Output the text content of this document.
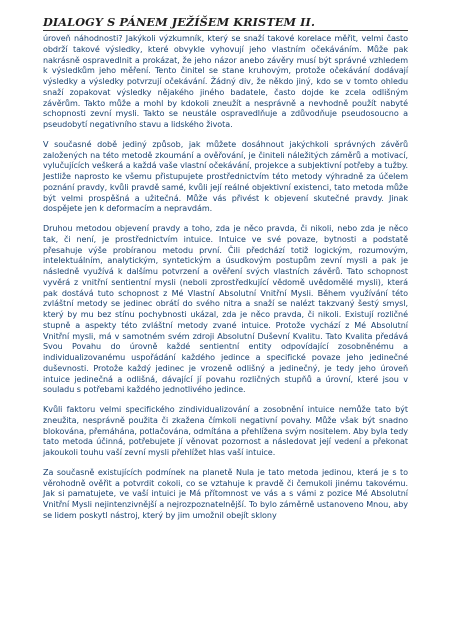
DIALOGY S PÁNEM JEŽÍŠEM KRISTEM II.

úroveň náhodnosti? Jakýkoli výzkumník, který se snaží takové korelace měřit, velmi často obdrží takové výsledky, které obvykle vyhovují jeho vlastním očekáváním. Může pak nakrásně ospravedlnit a prokázat, že jeho názor anebo závěry musí být správné vzhledem k výsledkům jeho měření. Tento činitel se stane kruhovým, protože očekávání dodávají výsledky a výsledky potvrzují očekávání. Žádný div, že někdo jiný, kdo se v tomto ohledu snaží zopakovat výsledky nějakého jiného badatele, často dojde ke zcela odlišným závěrům. Takto může a mohl by kdokoli zneužít a nesprávně a nevhodně použít nabyté schopnosti zevní mysli. Takto se neustále ospravedlňuje a zdůvodňuje pseudosoucno a pseudobytí negativního stavu a lidského života.

V současné době jediný způsob, jak můžete dosáhnout jakýchkoli správných závěrů založených na této metodě zkoumání a ověřování, je činiteli náležitých záměrů a motivací, vylučujících veškerá a každá vaše vlastní očekávání, projekce a subjektivní potřeby a tužby. Jestliže naprosto ke všemu přistupujete prostřednictvím této metody výhradně za účelem poznání pravdy, kvůli pravdě samé, kvůli její reálné objektivní existenci, tato metoda může být velmi prospěšná a užitečná. Může vás přivést k objevení skutečné pravdy. Jinak dospějete jen k deformacím a nepravdám.

Druhou metodou objevení pravdy a toho, zda je něco pravda, či nikoli, nebo zda je něco tak, či není, je prostřednictvím intuice. Intuice ve své povaze, bytnosti a podstatě přesahuje výše probíranou metodu první. Čili předchází totiž logickým, rozumovým, intelektuálním, analytickým, syntetickým a úsudkovým postupům zevní mysli a pak je následně využívá k dalšímu potvrzení a ověření svých vlastních závěrů. Tato schopnost vyvěrá z vnitřní sentientní mysli (neboli zprostředkující vědomě uvědomělé mysli), která pak dostává tuto schopnost z Mé Vlastní Absolutní Vnitřní Mysli. Během využívání této zvláštní metody se jedinec obrátí do svého nitra a snaží se nalézt takzvaný šestý smysl, který by mu bez stínu pochybnosti ukázal, zda je něco pravda, či nikoli. Existují rozličné stupně a aspekty této zvláštní metody zvané intuice. Protože vychází z Mé Absolutní Vnitřní mysli, má v samotném svém zdroji Absolutní Duševní Kvalitu. Tato Kvalita předává Svou Povahu do úrovně každé sentientní entity odpovídající zosobněnému a individualizovanému uspořádání každého jedince a specifické povaze jeho jedinečné duševnosti. Protože každý jedinec je vrozeně odlišný a jedinečný, je tedy jeho úroveň intuice jedinečná a odlišná, dávající jí povahu rozličných stupňů a úrovní, které jsou v souladu s potřebami každého jednotlivého jedince.

Kvůli faktoru velmi specifického zindividualizování a zosobnění intuice nemůže tato být zneužita, nesprávně použita či zkažena čímkoli negativní povahy. Může však být snadno blokována, přemáhána, potlačována, odmítána a přehlížena svým nositelem. Aby byla tedy tato metoda účinná, potřebujete jí věnovat pozornost a následovat její vedení a překonat jakoukoli touhu vaší zevní mysli přehlížet hlas vaší intuice.

Za současně existujících podmínek na planetě Nula je tato metoda jedinou, která je s to věrohodně ověřit a potvrdit cokoli, co se vztahuje k pravdě či čemukoli jinému takovému. Jak si pamatujete, ve vaší intuici je Má přítomnost ve vás a s vámi z pozice Mé Absolutní Vnitřní Mysli nejintenzivnější a nejrozpoznatelnější. To bylo záměrně ustanoveno Mnou, aby se lidem poskytl nástroj, který by jim umožnil obejít sklony
